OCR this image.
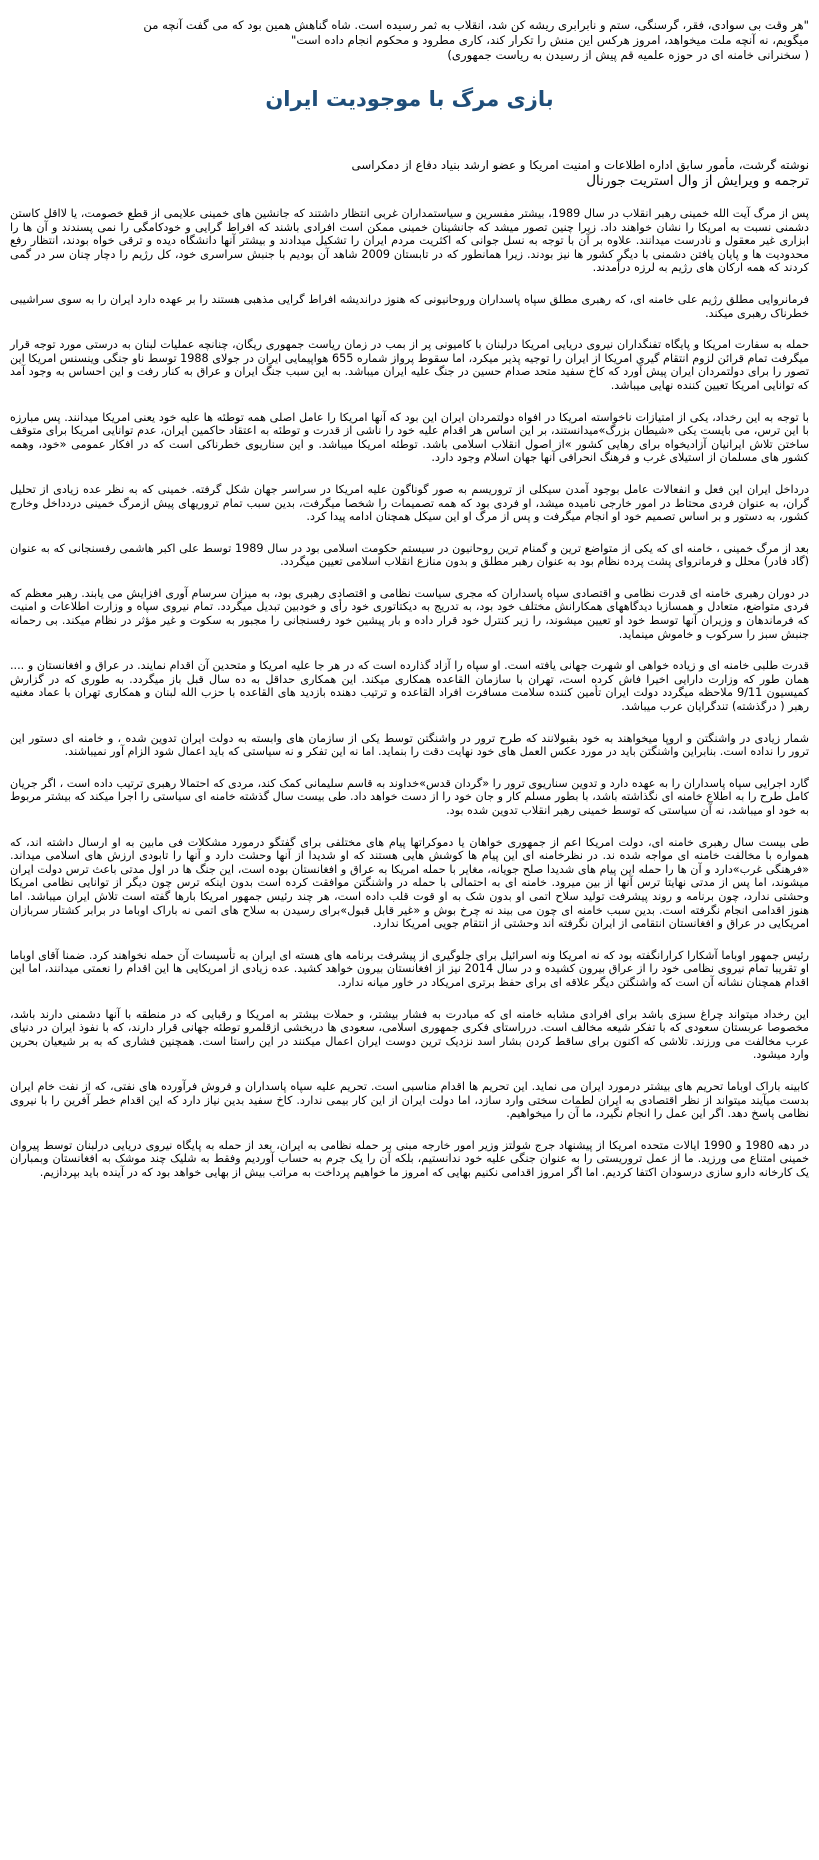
"هر وقت بی سوادی، فقر، گرسنگی، ستم و نابرابری ریشه کن شد، انقلاب به ثمر رسیده است. شاه گناهش همین بود که می گفت آنچه من
میگویم، نه آنچه ملت میخواهد، امروز هرکس این منش را تکرار کند، کاری مطرود و محکوم انجام داده است"
( سخنرانی خامنه ای در حوزه علمیه قم پیش از رسیدن به ریاست جمهوری)
بازی مرگ با موجودیت ایران
نوشته گرشت، مأمور سابق اداره اطلاعات و امنیت امریکا و عضو ارشد بنیاد دفاع از دمکراسی
ترجمه و ویرایش از وال استریت جورنال

پس از مرگ آیت الله خمینی رهبر انقلاب در سال 1989، بیشتر مفسرین و سیاستمداران غربی انتظار داشتند که جانشین های خمینی علایمی از قطع خصومت، یا لااقل کاستن دشمنی نسبت به امریکا را نشان خواهند داد. زیرا چنین تصور میشد که جانشینان خمینی ممکن است افرادی باشند که افراط گرایی و خودکامگی را نمی پسندند و آن ها را ابزاری غیر معقول و نادرست میدانند. علاوه بر آن با توجه به نسل جوانی که اکثریت مردم ایران را تشکیل میدادند و بیشتر آنها دانشگاه دیده و ترقی خواه بودند، انتظار رفع محدودیت ها و پایان یافتن دشمنی با دیگر کشور ها نیز بودند. زیرا همانطور که در تابستان 2009 شاهد آن بودیم با جنبش سراسری خود، کل رژیم را دچار چنان سر در گمی کردند که همه ارکان های رژیم به لرزه درآمدند.

فرمانروایی مطلق رژیم علی خامنه ای، که رهبری مطلق سپاه پاسداران وروحانیونی که هنوز دراندیشه افراط گرایی مذهبی هستند را بر عهده دارد ایران را به سوی سراشیبی خطرناک رهبری میکند.

حمله به سفارت امریکا و پایگاه تفنگداران نیروی دریایی امریکا درلبنان با کامیونی پر از بمب در زمان ریاست جمهوری ریگان، چنانچه عملیات لبنان به درستی مورد توجه قرار میگرفت تمام قرائن لزوم انتقام گیری امریکا از ایران را توجیه پذیر میکرد، اما سقوط پرواز شماره 655 هواپیمایی ایران در جولای 1988 توسط ناو جنگی وینسنس امریکا این تصور را برای دولتمردان ایران پیش آورد که کاخ سفید متحد صدام حسین در جنگ علیه ایران میباشد. به این سبب جنگ ایران و عراق به کنار رفت و این احساس به وجود آمد که توانایی امریکا تعیین کننده نهایی میباشد.

با توجه به این رخداد، یکی از امتیازات ناخواسته امریکا در افواه دولتمردان ایران این بود که آنها امریکا را عامل اصلی همه توطئه ها علیه خود یعنی امریکا میدانند. پس مبارزه با این ترس، می بایست یکی «شیطان بزرگ»میدانستند، بر این اساس هر اقدام علیه خود را ناشی از قدرت و توطئه به اعتقاد حاکمین ایران، عدم توانایی امریکا برای متوقف ساختن تلاش ایرانیان آزادیخواه برای رهایی کشور »از اصول انقلاب اسلامی باشد. توطئه امریکا میباشد. و این سناریوی خطرناکی است که در افکار عمومی «خود، وهمه کشور های مسلمان از استیلای غرب و فرهنگ انحرافی آنها جهان اسلام وجود دارد.

درداخل ایران این فعل و انفعالات عامل بوجود آمدن سیکلی از تروریسم به صور گوناگون علیه امریکا در سراسر جهان شکل گرفته. خمینی که به نظر عده زیادی از تحلیل گران، به عنوان فردی محتاط در امور خارجی نامیده میشد، او فردی بود که همه تصمیمات را شخصا میگرفت، بدین سبب تمام تروریهای پیش ازمرگ خمینی دردداخل وخارج کشور، به دستور و بر اساس تصمیم خود او انجام میگرفت و پس از مرگ او این سیکل همچنان ادامه پیدا کرد.

بعد از مرگ خمینی ، خامنه ای که یکی از متواضع ترین و گمنام ترین روحانیون در سیستم حکومت اسلامی بود در سال 1989 توسط علی اکبر هاشمی رفسنجانی که به عنوان (گاد فادر) محلل و فرمانروای پشت پرده نظام بود به عنوان رهبر مطلق و بدون منازع انقلاب اسلامی تعیین میگردد.

در دوران رهبری خامنه ای قدرت نظامی و اقتصادی سپاه پاسداران که مجری سیاست نظامی و اقتصادی رهبری بود، به میزان سرسام آوری افزایش می یابند. رهبر معظم که فردی متواضع، متعادل و همسازبا دیدگاههای همکارانش مختلف خود بود، به تدریج به دیکتاتوری خود رأی و خودبین تبدیل میگردد. تمام نیروی سپاه و وزارت اطلاعات و امنیت که فرماندهان و وزیران آنها توسط خود او تعیین میشوند، را زیر کنترل خود قرار داده و بار پیشین خود رفسنجانی را مجبور به سکوت و غیر مؤثر در نظام میکند. بی رحمانه جنبش سبز را سرکوب و خاموش مینماید.

قدرت طلبی خامنه ای و زیاده خواهی او شهرت جهانی یافته است. او سپاه را آزاد گذارده است که در هر جا علیه امریکا و متحدین آن اقدام نمایند. در عراق و افغانستان و .... همان طور که وزارت دارایی اخیرا فاش کرده است، تهران با سازمان القاعده همکاری میکند. این همکاری حداقل به ده سال قبل باز میگردد. به طوری که در گزارش کمیسیون 9/11 ملاحظه میگردد دولت ایران تأمین کننده سلامت مسافرت افراد القاعده و ترتیب دهنده بازدید های القاعده با حزب الله لبنان و همکاری تهران با عماد مغنیه رهبر ( درگذشته) تندگرایان عرب میباشد.

شمار زیادی در واشنگتن و اروپا میخواهند به خود بقبولانند که طرح ترور در واشنگتن توسط یکی از سازمان های وابسته به دولت ایران تدوین شده ، و خامنه ای دستور این ترور را نداده است. بنابراین واشنگتن باید در مورد عکس العمل های خود نهایت دقت را بنماید. اما نه این تفکر و نه سیاستی که باید اعمال شود الزام آور نمیباشند.

گارد اجرایی سپاه پاسداران را به عهده دارد و تدوین سناریوی ترور را «گردان قدس»خداوند به قاسم سلیمانی کمک کند، مردی که احتمالا رهبری ترتیب داده است ، اگر جریان کامل طرح را به اطلاع خامنه ای نگذاشته باشد، با بطور مسلم کار و جان خود را از دست خواهد داد. طی بیست سال گذشته خامنه ای سیاستی را اجرا میکند که بیشتر مربوط به خود او میباشد، نه آن سیاستی که توسط خمینی رهبر انقلاب تدوین شده بود.

طی بیست سال رهبری خامنه ای، دولت امریکا اعم از جمهوری خواهان یا دموکراتها پیام های مختلفی برای گفتگو درمورد مشکلات فی مابین به او ارسال داشته اند، که همواره با مخالفت خامنه ای مواجه شده ند. در نظرخامنه ای این پیام ها کوشش هایی هستند که او شدیدا از آنها وحشت دارد و آنها را تابودی ارزش های اسلامی میداند. «فرهنگی غرب»دارد و آن ها را حمله این پیام های شدیدا صلح جویانه، مغایر با حمله امریکا به عراق و افغانستان بوده است، این جنگ ها در اول مدتی باعث ترس دولت ایران میشوند، اما پس از مدتی نهایتا ترس آنها از بین میرود. خامنه ای به احتمالی با حمله در واشنگتن موافقت کرده است بدون اینکه ترس چون دیگر از توانایی نظامی امریکا وحشتی ندارد، چون برنامه و روند پیشرفت تولید سلاح اتمی او بدون شک به او قوت قلب داده است، هر چند رئیس جمهور امریکا بارها گفته است تلاش ایران میباشد. اما هنوز اقدامی انجام نگرفته است. بدین سبب خامنه ای چون می بیند نه چرخ بوش و «غیر قابل قبول»برای رسیدن به سلاح های اتمی نه باراک اوباما در برابر کشتار سربازان امریکایی در عراق و افغانستان انتقامی از ایران نگرفته اند وحشتی از انتقام جویی امریکا ندارد.

رئیس جمهور اوباما آشکارا کرارانگفته بود که نه امریکا ونه اسرائیل برای جلوگیری از پیشرفت برنامه های هسته ای ایران به تأسیسات آن حمله نخواهند کرد. ضمنا آقای اوباما او تقریبا تمام نیروی نظامی خود را از عراق بیرون کشیده و در سال 2014 نیز از افغانستان بیرون خواهد کشید. عده زیادی از امریکایی ها این اقدام را نعمتی میدانند، اما این اقدام همچنان نشانه آن است که واشنگتن دیگر علاقه ای برای حفظ برتری امریکاد در خاور میانه ندارد.

این رخداد میتواند چراغ سبزی باشد برای افرادی مشابه خامنه ای که مبادرت به فشار بیشتر، و حملات بیشتر به امریکا و رقبایی که در منطقه با آنها دشمنی دارند باشد، مخصوصا عربستان سعودی که با تفکر شیعه مخالف است. درراستای فکری جمهوری اسلامی، سعودی ها دربخشی ازقلمرو توطئه جهانی قرار دارند، که با نفوذ ایران در دنیای عرب مخالفت می ورزند. تلاشی که اکنون برای ساقط کردن بشار اسد نزدیک ترین دوست ایران اعمال میکنند در این راستا است. همچنین فشاری که به بر شیعیان بحرین وارد میشود.

کابینه باراک اوباما تحریم های بیشتر درمورد ایران می نماید. این تحریم ها اقدام مناسبی است. تحریم علیه سپاه پاسداران و فروش فرآورده های نفتی، که از نفت خام ایران بدست میآیند میتواند از نظر اقتصادی به ایران لطمات سختی وارد سازد، اما دولت ایران از این کار بیمی ندارد. کاخ سفید بدین نیاز دارد که این اقدام خطر آفرین را با نیروی نظامی پاسخ دهد. اگر این عمل را انجام نگیرد، ما آن را میخواهیم.

در دهه 1980 و 1990 ایالات متحده امریکا از پیشنهاد جرج شولتز وزیر امور خارجه مبنی بر حمله نظامی به ایران، بعد از حمله به پایگاه نیروی دریایی درلبنان توسط پیروان خمینی امتناع می ورزید. ما از عمل تروریستی را به عنوان جنگی علیه خود ندانستیم، بلکه آن را یک جرم به حساب آوردیم وفقط به شلیک چند موشک به افغانستان وبمباران یک کارخانه دارو سازی درسودان اکتفا کردیم. اما اگر امروز اقدامی نکنیم بهایی که امروز ما خواهیم پرداخت به مراتب بیش از بهایی خواهد بود که در آینده باید بپردازیم.
